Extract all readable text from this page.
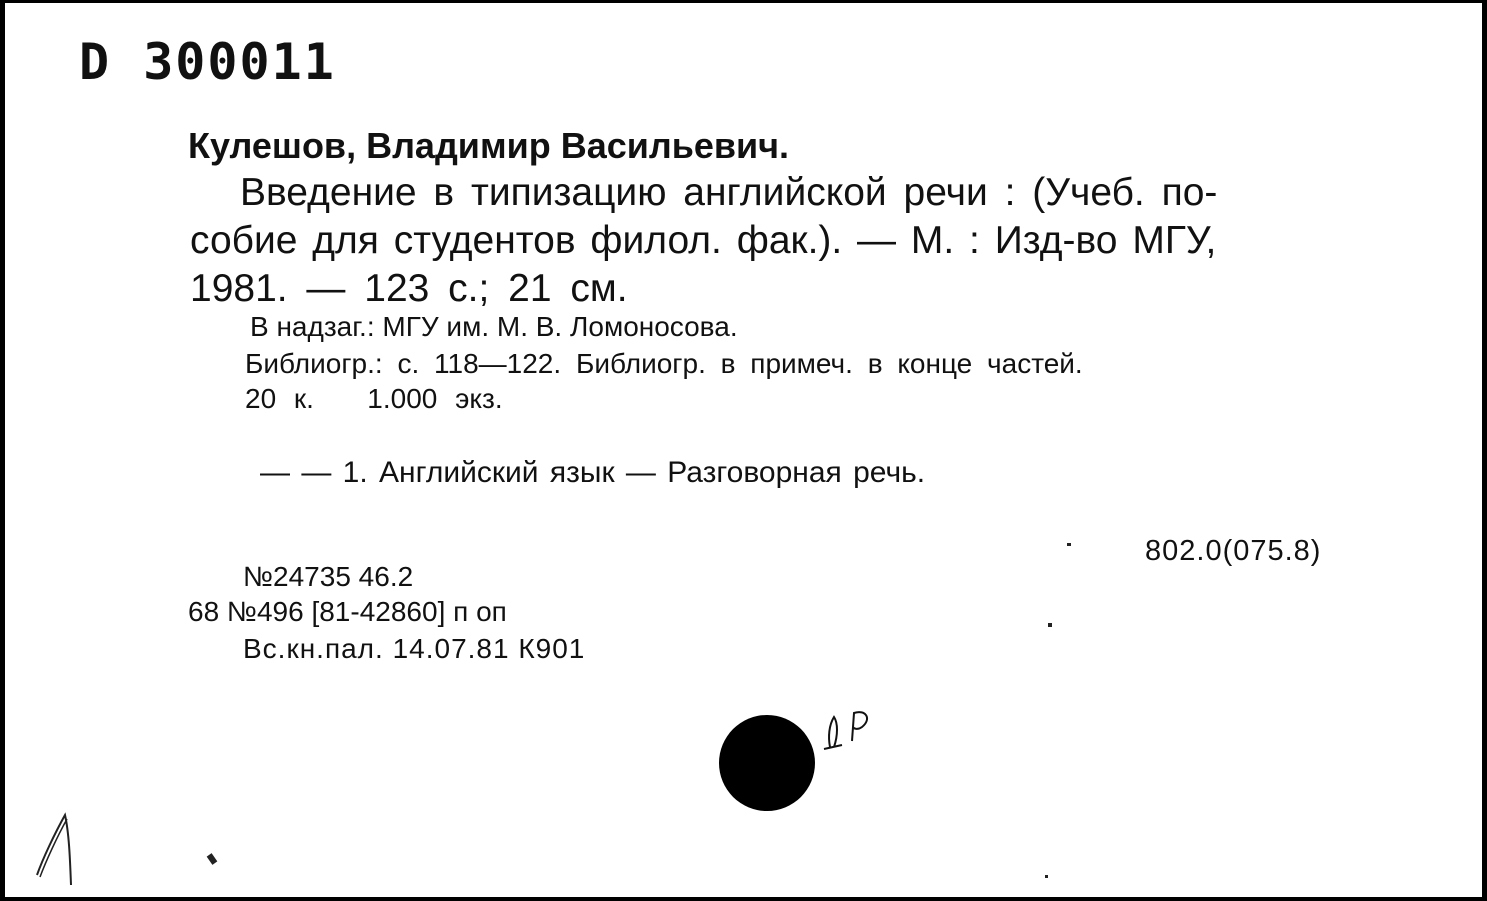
D 300011
Кулешов, Владимир Васильевич.
Введение в типизацию английской речи : (Учеб. по-
собие для студентов филол. фак.). — М. : Изд-во МГУ,
1981. — 123 с.; 21 см.
В надзаг.: МГУ им. М. В. Ломоносова.
Библиогр.: с. 118—122. Библиогр. в примеч. в конце частей.
20 к.   1.000 экз.
— — 1. Английский язык — Разговорная речь.
802.0(075.8)
№24735 46.2
68 №496 [81-42860] п оп
Вс.кн.пал. 14.07.81 К901
